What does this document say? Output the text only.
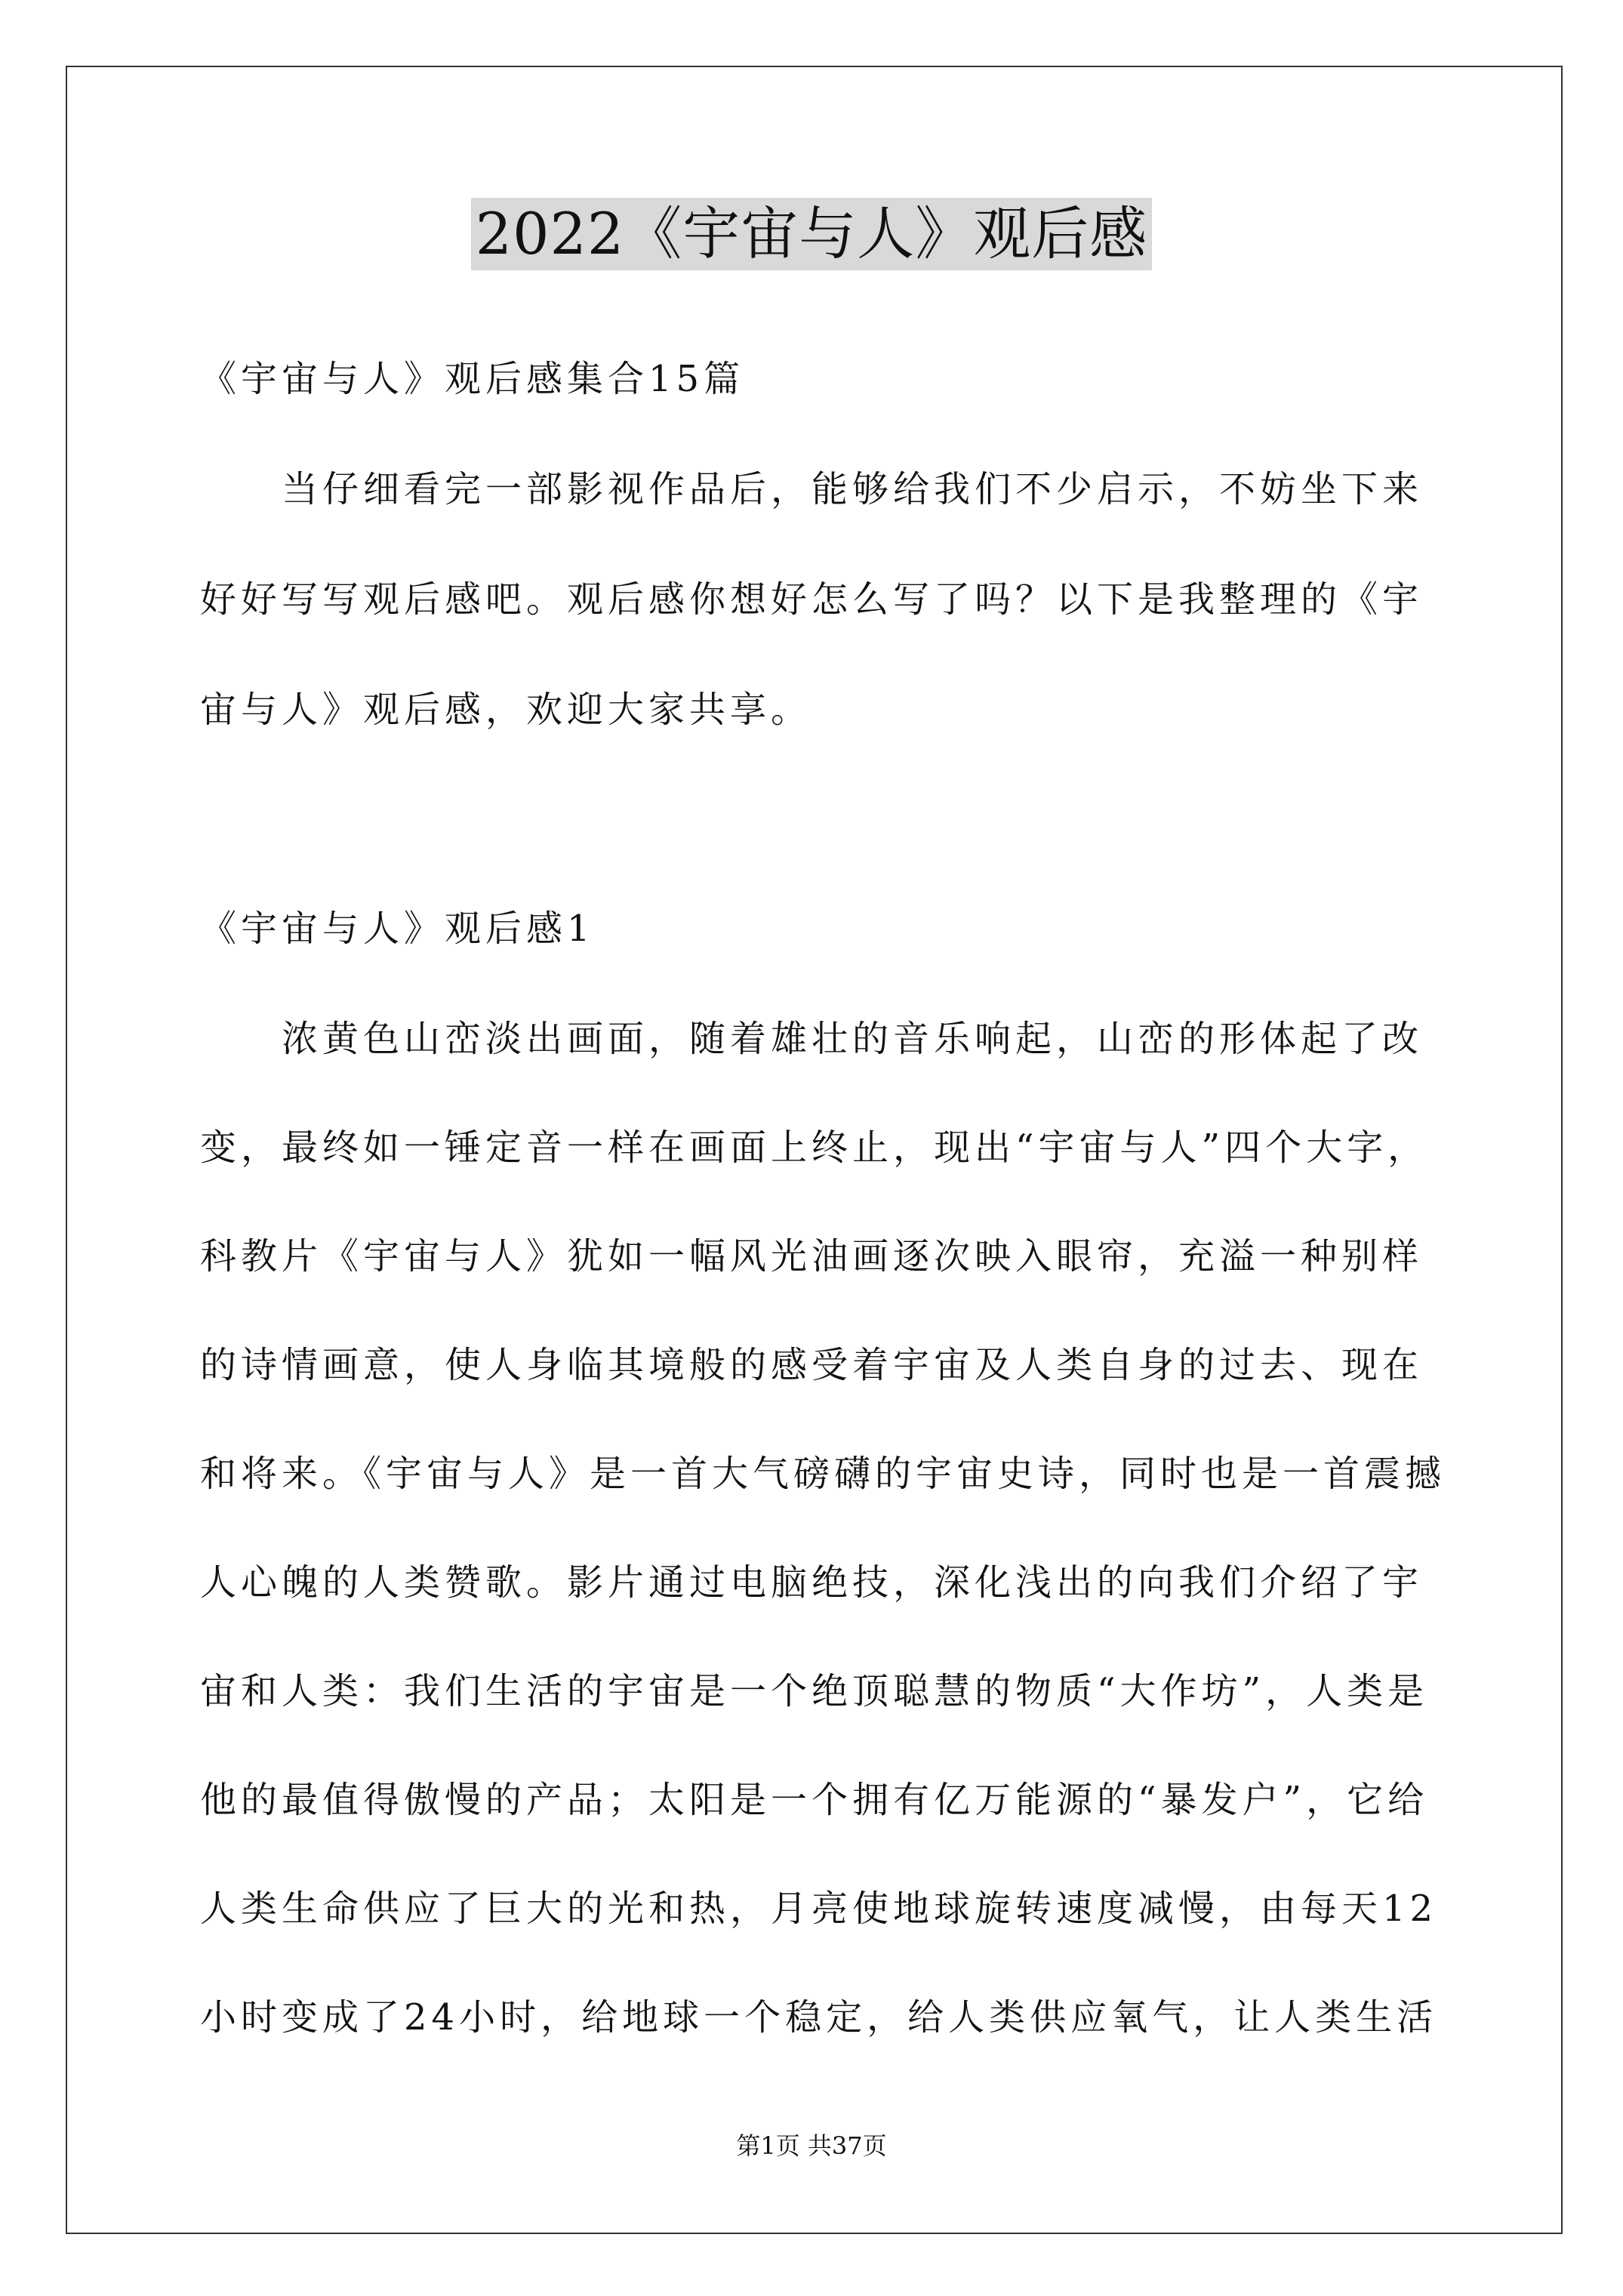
2022《宇宙与人》观后感
《宇宙与人》观后感集合15篇
当仔细看完一部影视作品后，能够给我们不少启示，不妨坐下来
好好写写观后感吧。观后感你想好怎么写了吗？以下是我整理的《宇
宙与人》观后感，欢迎大家共享。
《宇宙与人》观后感1
浓黄色山峦淡出画面，随着雄壮的音乐响起，山峦的形体起了改
变，最终如一锤定音一样在画面上终止，现出“宇宙与人”四个大字，
科教片《宇宙与人》犹如一幅风光油画逐次映入眼帘，充溢一种别样
的诗情画意，使人身临其境般的感受着宇宙及人类自身的过去、现在
和将来。《宇宙与人》是一首大气磅礴的宇宙史诗，同时也是一首震撼
人心魄的人类赞歌。影片通过电脑绝技，深化浅出的向我们介绍了宇
宙和人类：我们生活的宇宙是一个绝顶聪慧的物质“大作坊”，人类是
他的最值得傲慢的产品；太阳是一个拥有亿万能源的“暴发户”，它给
人类生命供应了巨大的光和热，月亮使地球旋转速度减慢，由每天12
小时变成了24小时，给地球一个稳定，给人类供应氧气，让人类生活
第1页 共37页
